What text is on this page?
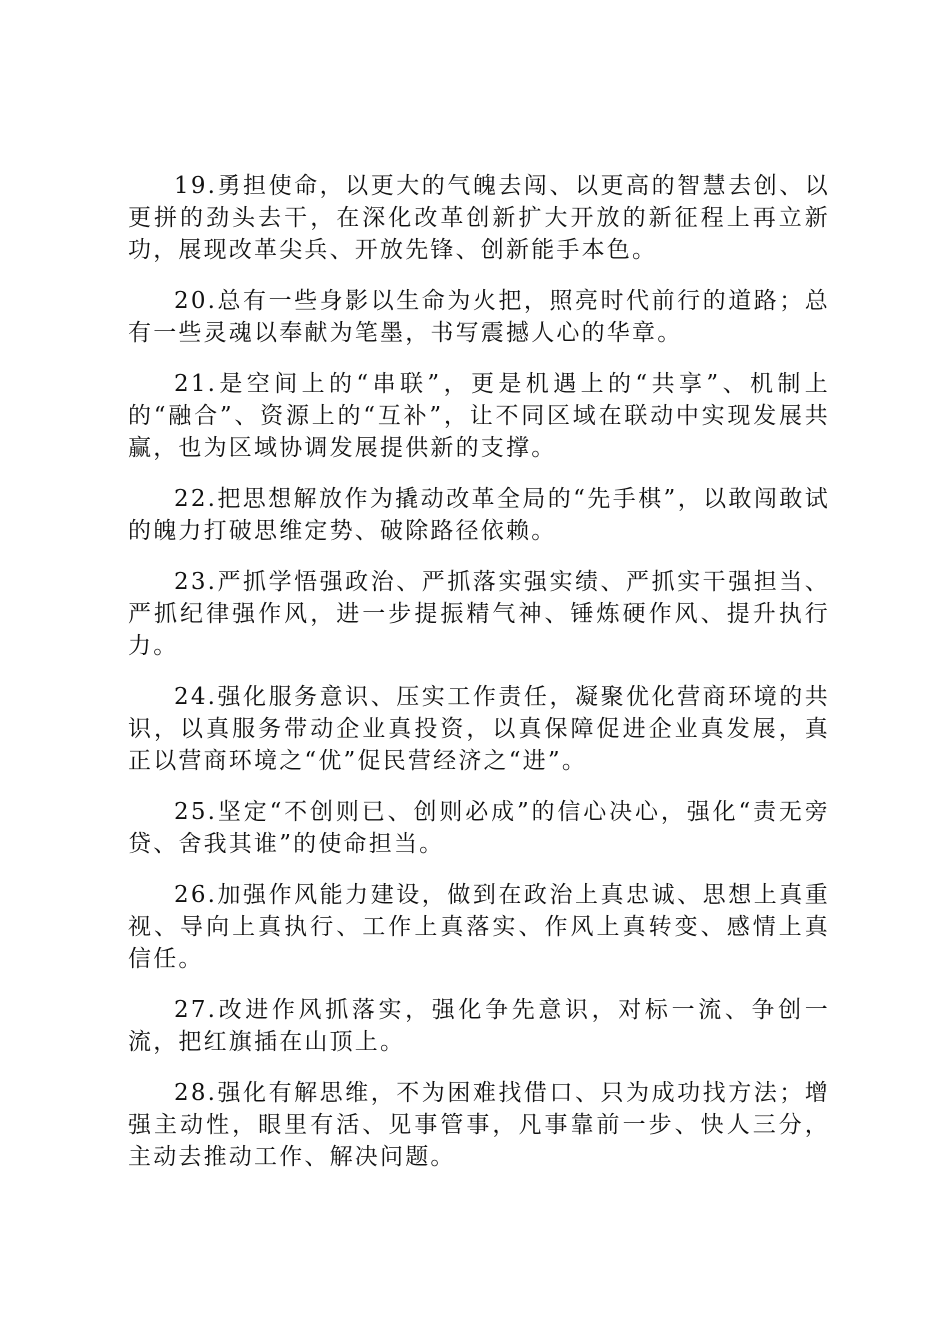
19.勇担使命，以更大的气魄去闯、以更高的智慧去创、以更拼的劲头去干，在深化改革创新扩大开放的新征程上再立新功，展现改革尖兵、开放先锋、创新能手本色。

20.总有一些身影以生命为火把，照亮时代前行的道路；总有一些灵魂以奉献为笔墨，书写震撼人心的华章。

21.是空间上的“串联”，更是机遇上的“共享”、机制上的“融合”、资源上的“互补”，让不同区域在联动中实现发展共赢，也为区域协调发展提供新的支撑。

22.把思想解放作为撬动改革全局的“先手棋”，以敢闯敢试的魄力打破思维定势、破除路径依赖。

23.严抓学悟强政治、严抓落实强实绩、严抓实干强担当、严抓纪律强作风，进一步提振精气神、锤炼硬作风、提升执行力。

24.强化服务意识、压实工作责任，凝聚优化营商环境的共识，以真服务带动企业真投资，以真保障促进企业真发展，真正以营商环境之“优”促民营经济之“进”。

25.坚定“不创则已、创则必成”的信心决心，强化“责无旁贷、舍我其谁”的使命担当。

26.加强作风能力建设，做到在政治上真忠诚、思想上真重视、导向上真执行、工作上真落实、作风上真转变、感情上真信任。

27.改进作风抓落实，强化争先意识，对标一流、争创一流，把红旗插在山顶上。

28.强化有解思维，不为困难找借口、只为成功找方法；增强主动性，眼里有活、见事管事，凡事靠前一步、快人三分，主动去推动工作、解决问题。
